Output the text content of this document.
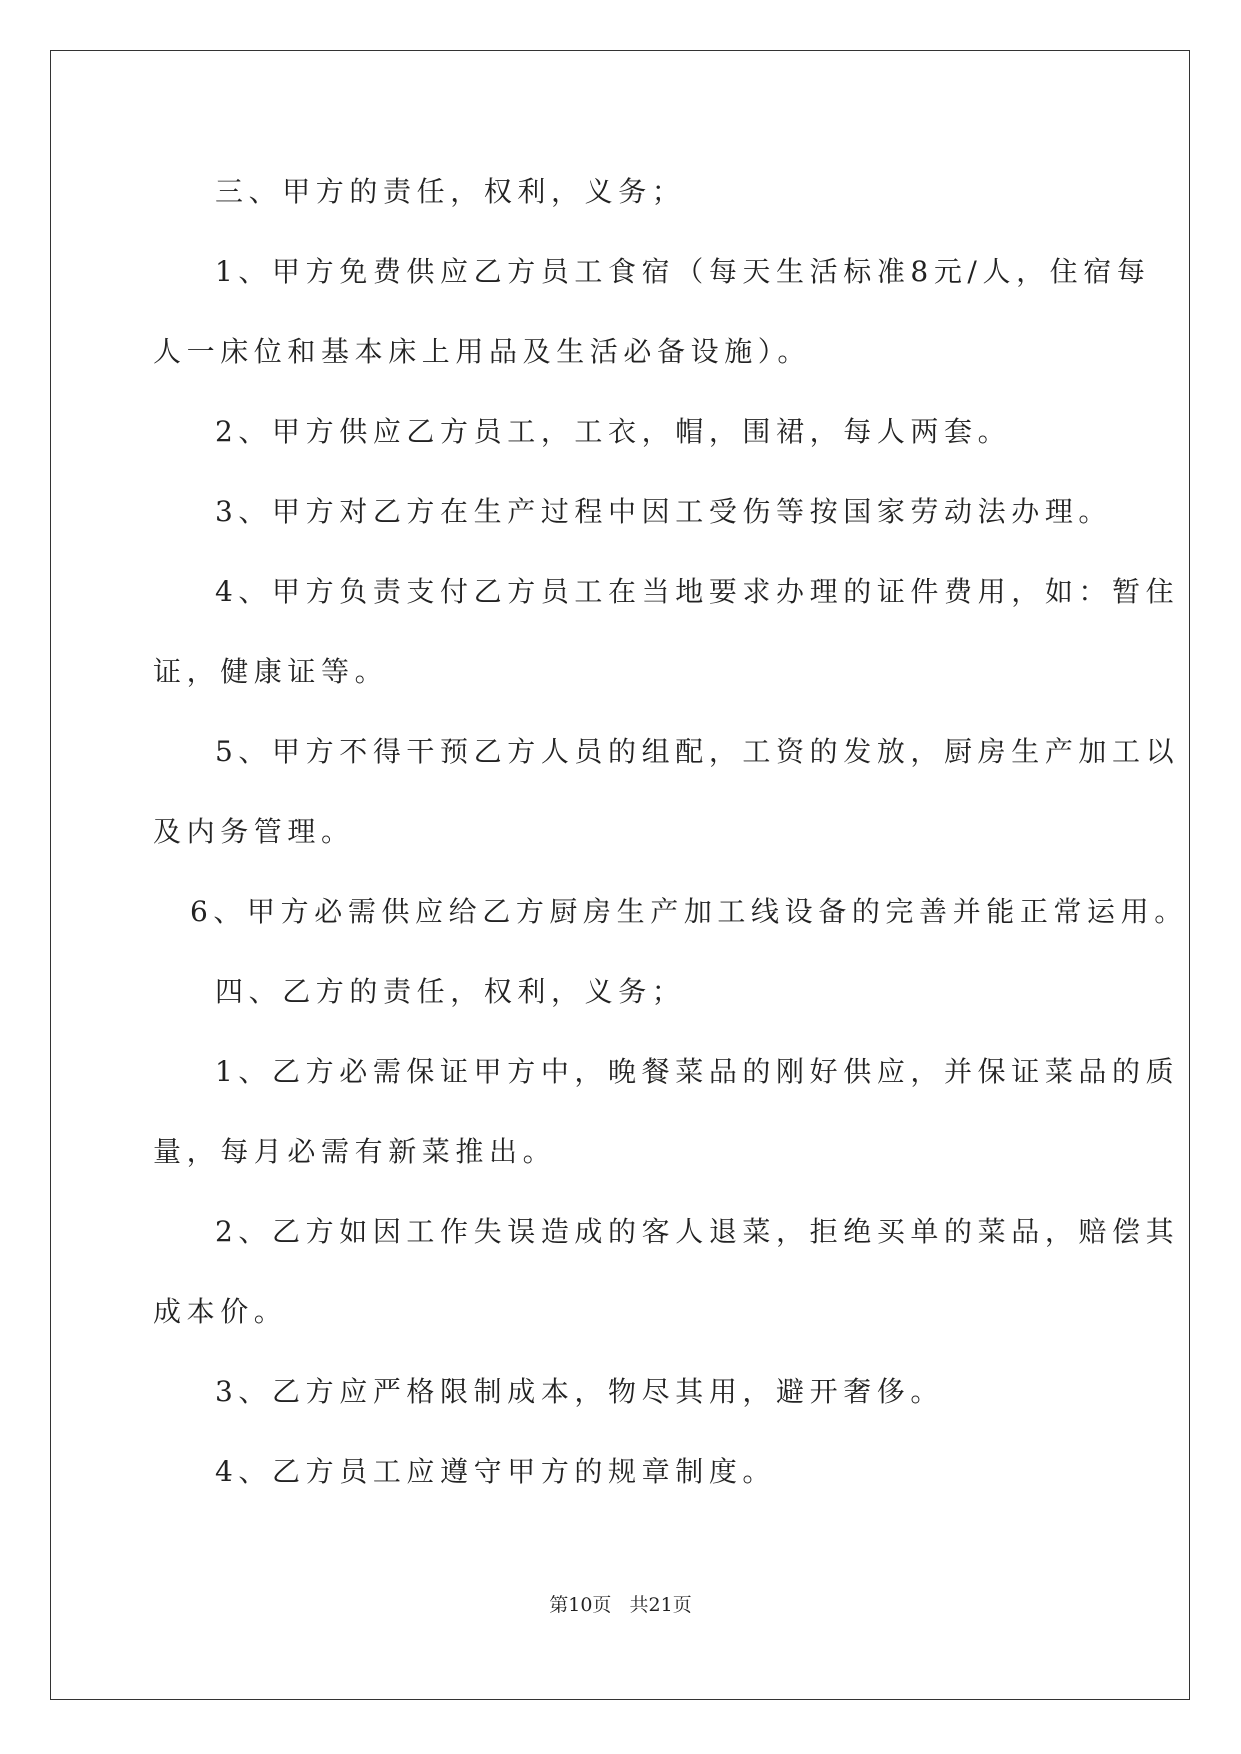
三、甲方的责任，权利，义务；

1、甲方免费供应乙方员工食宿（每天生活标准8元/人，住宿每

人一床位和基本床上用品及生活必备设施）。

2、甲方供应乙方员工，工衣，帽，围裙，每人两套。

3、甲方对乙方在生产过程中因工受伤等按国家劳动法办理。

4、甲方负责支付乙方员工在当地要求办理的证件费用，如：暂住

证，健康证等。

5、甲方不得干预乙方人员的组配，工资的发放，厨房生产加工以

及内务管理。

6、甲方必需供应给乙方厨房生产加工线设备的完善并能正常运用。

四、乙方的责任，权利，义务；

1、乙方必需保证甲方中，晚餐菜品的刚好供应，并保证菜品的质

量，每月必需有新菜推出。

2、乙方如因工作失误造成的客人退菜，拒绝买单的菜品，赔偿其

成本价。

3、乙方应严格限制成本，物尽其用，避开奢侈。

4、乙方员工应遵守甲方的规章制度。

第10页   共21页
